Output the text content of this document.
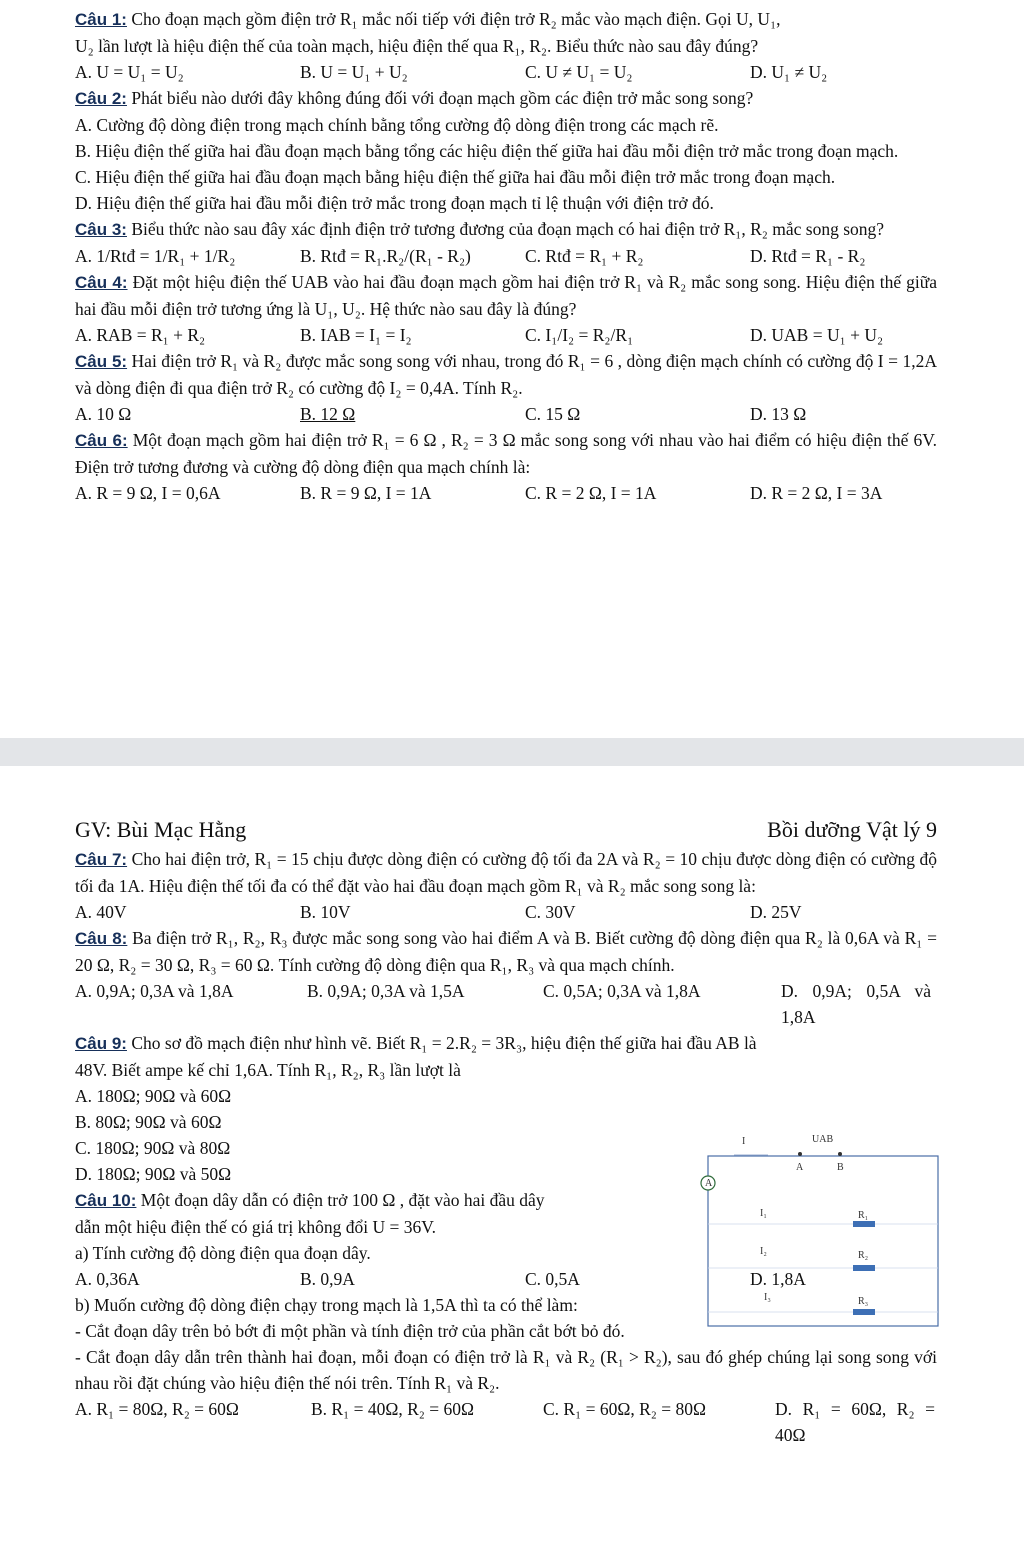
Câu 1: Cho đoạn mạch gồm điện trở R₁ mắc nối tiếp với điện trở R₂ mắc vào mạch điện. Gọi U, U₁,
U₂ lần lượt là hiệu điện thế của toàn mạch, hiệu điện thế qua R₁, R₂. Biểu thức nào sau đây đúng?
A. U = U₁ = U₂	B. U = U₁ + U₂	C. U ≠ U₁ = U₂	D. U₁ ≠ U₂
Câu 2: Phát biểu nào dưới đây không đúng đối với đoạn mạch gồm các điện trở mắc song song?
A. Cường độ dòng điện trong mạch chính bằng tổng cường độ dòng điện trong các mạch rẽ.
B. Hiệu điện thế giữa hai đầu đoạn mạch bằng tổng các hiệu điện thế giữa hai đầu mỗi điện trở mắc trong đoạn mạch.
C. Hiệu điện thế giữa hai đầu đoạn mạch bằng hiệu điện thế giữa hai đầu mỗi điện trở mắc trong đoạn mạch.
D. Hiệu điện thế giữa hai đầu mỗi điện trở mắc trong đoạn mạch tỉ lệ thuận với điện trở đó.
Câu 3: Biểu thức nào sau đây xác định điện trở tương đương của đoạn mạch có hai điện trở R₁, R₂ mắc song song?
A. 1/Rtđ = 1/R₁ + 1/R₂	B. Rtđ = R₁.R₂/(R₁ - R₂)	C. Rtđ = R₁ + R₂	D. Rtđ = R₁ - R₂
Câu 4: Đặt một hiệu điện thế UAB vào hai đầu đoạn mạch gồm hai điện trở R₁ và R₂ mắc song song. Hiệu điện thế giữa hai đầu mỗi điện trở tương ứng là U₁, U₂. Hệ thức nào sau đây là đúng?
A. RAB = R₁ + R₂	B. IAB = I₁ = I₂	C. I₁/I₂ = R₂/R₁	D. UAB = U₁ + U₂
Câu 5: Hai điện trở R₁ và R₂ được mắc song song với nhau, trong đó R₁ = 6 , dòng điện mạch chính có cường độ I = 1,2A và dòng điện đi qua điện trở R₂ có cường độ I₂ = 0,4A. Tính R₂.
A. 10 Ω	B. 12 Ω	C. 15 Ω	D. 13 Ω
Câu 6: Một đoạn mạch gồm hai điện trở R₁ = 6 Ω , R₂ = 3 Ω mắc song song với nhau vào hai điểm có hiệu điện thế 6V. Điện trở tương đương và cường độ dòng điện qua mạch chính là:
A. R = 9 Ω, I = 0,6A	B. R = 9 Ω, I = 1A	C. R = 2 Ω, I = 1A	D. R = 2 Ω, I = 3A
GV: Bùi Mạc Hằng	Bồi dưỡng Vật lý 9
Câu 7: Cho hai điện trở, R₁ = 15 chịu được dòng điện có cường độ tối đa 2A và R₂ = 10 chịu được dòng điện có cường độ tối đa 1A. Hiệu điện thế tối đa có thể đặt vào hai đầu đoạn mạch gồm R₁ và R₂ mắc song song là:
A. 40V	B. 10V	C. 30V	D. 25V
Câu 8: Ba điện trở R₁, R₂, R₃ được mắc song song vào hai điểm A và B. Biết cường độ dòng điện qua R₂ là 0,6A và R₁ = 20 Ω, R₂ = 30 Ω, R₃ = 60 Ω. Tính cường độ dòng điện qua R₁, R₃ và qua mạch chính.
A. 0,9A; 0,3A và 1,8A	B. 0,9A; 0,3A và 1,5A	C. 0,5A; 0,3A và 1,8A	D. 0,9A; 0,5A và 1,8A
Câu 9: Cho sơ đồ mạch điện như hình vẽ. Biết R₁ = 2.R₂ = 3R₃, hiệu điện thế giữa hai đầu AB là
48V. Biết ampe kế chỉ 1,6A. Tính R₁, R₂, R₃ lần lượt là
A. 180Ω; 90Ω và 60Ω
B. 80Ω; 90Ω và 60Ω
C. 180Ω; 90Ω và 80Ω
D. 180Ω; 90Ω và 50Ω
Câu 10: Một đoạn dây dẫn có điện trở 100 Ω , đặt vào hai đầu dây
dẫn một hiệu điện thế có giá trị không đổi U = 36V.
a) Tính cường độ dòng điện qua đoạn dây.
A. 0,36A	B. 0,9A	C. 0,5A	D. 1,8A
b) Muốn cường độ dòng điện chạy trong mạch là 1,5A thì ta có thể làm:
- Cắt đoạn dây trên bỏ bớt đi một phần và tính điện trở của phần cắt bớt bỏ đó.
- Cắt đoạn dây dẫn trên thành hai đoạn, mỗi đoạn có điện trở là R₁ và R₂ (R₁ > R₂), sau đó ghép chúng lại song song với nhau rồi đặt chúng vào hiệu điện thế nói trên. Tính R₁ và R₂.
A. R₁ = 80Ω, R₂ = 60Ω	B. R₁ = 40Ω, R₂ = 60Ω	C. R₁ = 60Ω, R₂ = 80Ω	D. R₁ = 60Ω, R₂ = 40Ω
I	UAB
A	B
A
I₁	R₁
I₂	R₂
I₃	R₃
